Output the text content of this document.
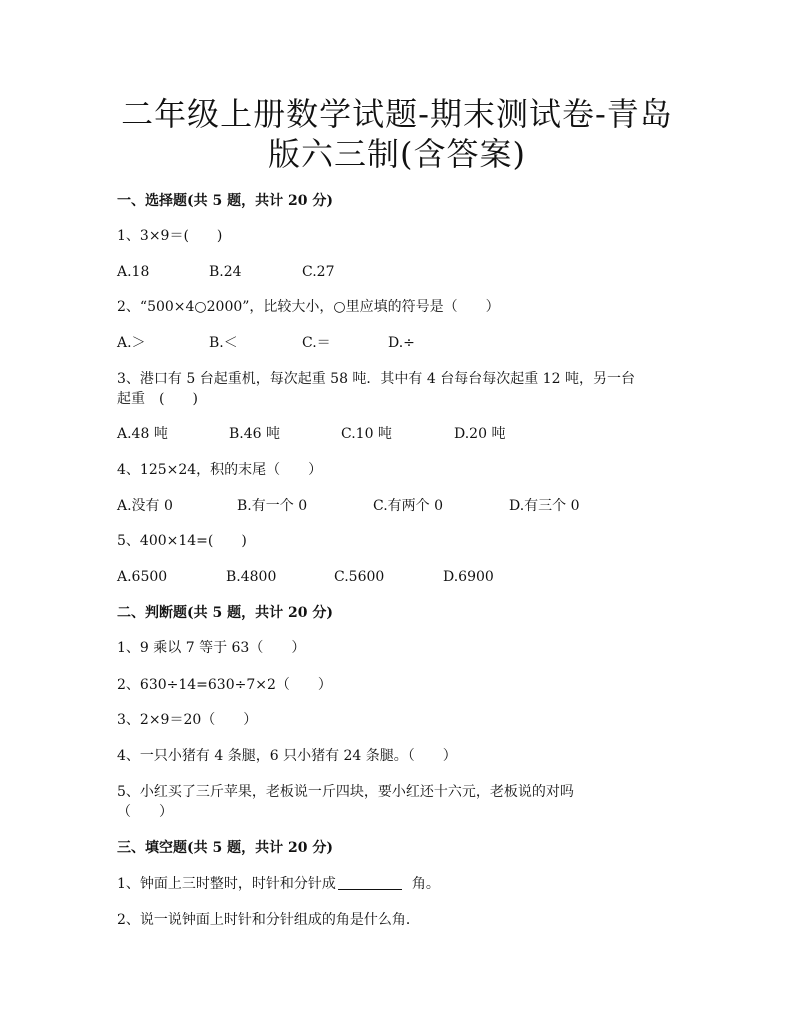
二年级上册数学试题-期末测试卷-青岛
版六三制(含答案)
一、选择题(共 5 题，共计 20 分)
1、3×9＝(　　)
A.18	B.24	C.27
2、“500×4○2000”，比较大小，○里应填的符号是（　　）
A.＞	B.＜	C.＝	D.÷
3、港口有 5 台起重机，每次起重 58 吨．其中有 4 台每台每次起重 12 吨，另一台
起重　(　　)
A.48 吨	B.46 吨	C.10 吨	D.20 吨
4、125×24，积的末尾（　　）
A.没有 0	B.有一个 0	C.有两个 0	D.有三个 0
5、400×14=(　　)
A.6500	B.4800	C.5600	D.6900
二、判断题(共 5 题，共计 20 分)
1、9 乘以 7 等于 63（　　）
2、630÷14=630÷7×2（　　）
3、2×9＝20（　　）
4、一只小猪有 4 条腿，6 只小猪有 24 条腿。（　　）
5、小红买了三斤苹果，老板说一斤四块，要小红还十六元，老板说的对吗
（　　）
三、填空题(共 5 题，共计 20 分)
1、钟面上三时整时，时针和分针成	角。
2、说一说钟面上时针和分针组成的角是什么角．
